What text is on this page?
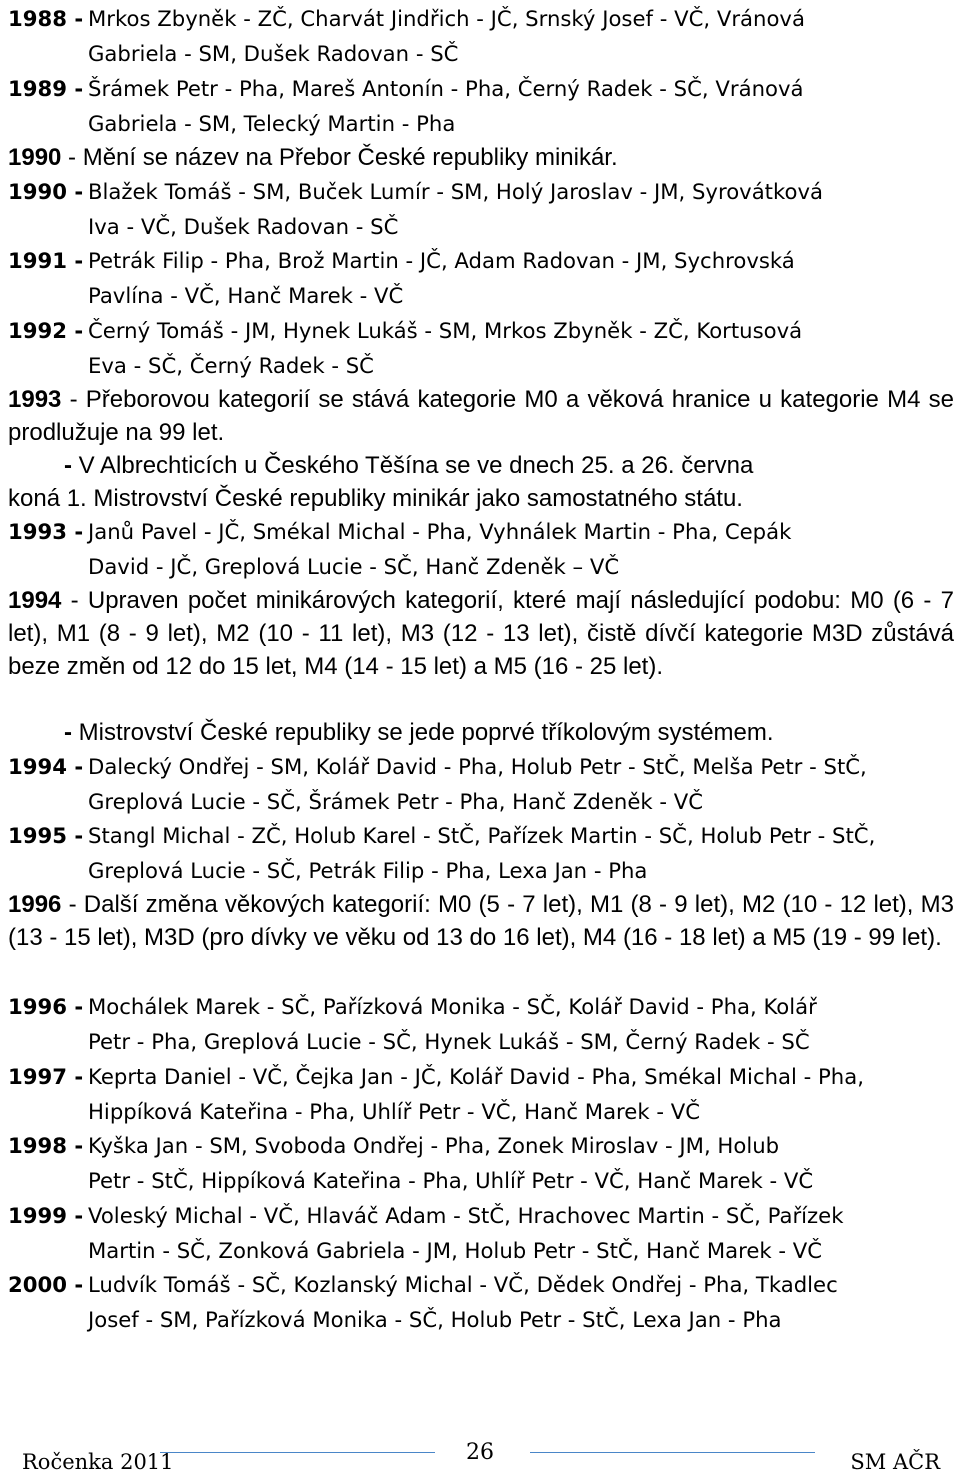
1988 - Mrkos Zbyněk - ZČ, Charvát Jindřich - JČ, Srnský Josef - VČ, Vránová
Gabriela - SM, Dušek Radovan - SČ
1989 - Šrámek Petr - Pha, Mareš Antonín - Pha, Černý Radek - SČ, Vránová
Gabriela - SM, Telecký Martin - Pha
1990 - Mění se název na Přebor České republiky minikár.
1990 - Blažek Tomáš - SM, Buček Lumír - SM, Holý Jaroslav - JM, Syrovátková
Iva - VČ, Dušek Radovan - SČ
1991 - Petrák Filip - Pha, Brož Martin - JČ, Adam Radovan - JM, Sychrovská
Pavlína - VČ, Hanč Marek - VČ
1992 - Černý Tomáš - JM, Hynek Lukáš - SM, Mrkos Zbyněk - ZČ, Kortusová
Eva - SČ, Černý Radek - SČ
1993 - Přeborovou kategorií se stává kategorie M0 a věková hranice u kategorie M4 se prodlužuje na 99 let.
- V Albrechticích u Českého Těšína se ve dnech 25. a 26. června
koná 1. Mistrovství České republiky minikár jako samostatného státu.
1993 - Janů Pavel - JČ, Smékal Michal - Pha, Vyhnálek Martin - Pha, Cepák
David - JČ, Greplová Lucie - SČ, Hanč Zdeněk – VČ
1994 - Upraven počet minikárových kategorií, které mají následující podobu: M0 (6 - 7 let), M1 (8 - 9 let), M2 (10 - 11 let), M3 (12 - 13 let), čistě dívčí kategorie M3D zůstává beze změn od 12 do 15 let, M4 (14 - 15 let) a M5 (16 - 25 let).
- Mistrovství České republiky se jede poprvé tříkolovým systémem.
1994 - Dalecký Ondřej - SM, Kolář David - Pha, Holub Petr - StČ, Melša Petr - StČ,
Greplová Lucie - SČ, Šrámek Petr - Pha, Hanč Zdeněk - VČ
1995 - Stangl Michal - ZČ, Holub Karel - StČ, Pařízek Martin - SČ, Holub Petr - StČ,
Greplová Lucie - SČ, Petrák Filip - Pha, Lexa Jan - Pha
1996 - Další změna věkových kategorií: M0 (5 - 7 let), M1 (8 - 9 let), M2 (10 - 12 let), M3 (13 - 15 let), M3D (pro dívky ve věku od 13 do 16 let), M4 (16 - 18 let) a M5 (19 - 99 let).
1996 - Mochálek Marek - SČ, Pařízková Monika - SČ, Kolář David - Pha, Kolář
Petr - Pha, Greplová Lucie - SČ, Hynek Lukáš - SM, Černý Radek - SČ
1997 - Keprta Daniel - VČ, Čejka Jan - JČ, Kolář David - Pha, Smékal Michal - Pha,
Hippíková Kateřina - Pha, Uhlíř Petr - VČ, Hanč Marek - VČ
1998 - Kyška Jan - SM, Svoboda Ondřej - Pha, Zonek Miroslav - JM, Holub
Petr - StČ, Hippíková Kateřina - Pha, Uhlíř Petr - VČ, Hanč Marek - VČ
1999 - Voleský Michal - VČ, Hlaváč Adam - StČ, Hrachovec Martin - SČ, Pařízek
Martin - SČ, Zonková Gabriela - JM, Holub Petr - StČ, Hanč Marek - VČ
2000 - Ludvík Tomáš - SČ, Kozlanský Michal - VČ, Dědek Ondřej - Pha, Tkadlec
Josef - SM, Pařízková Monika - SČ, Holub Petr - StČ, Lexa Jan - Pha
Ročenka 2011	26	SM AČR
